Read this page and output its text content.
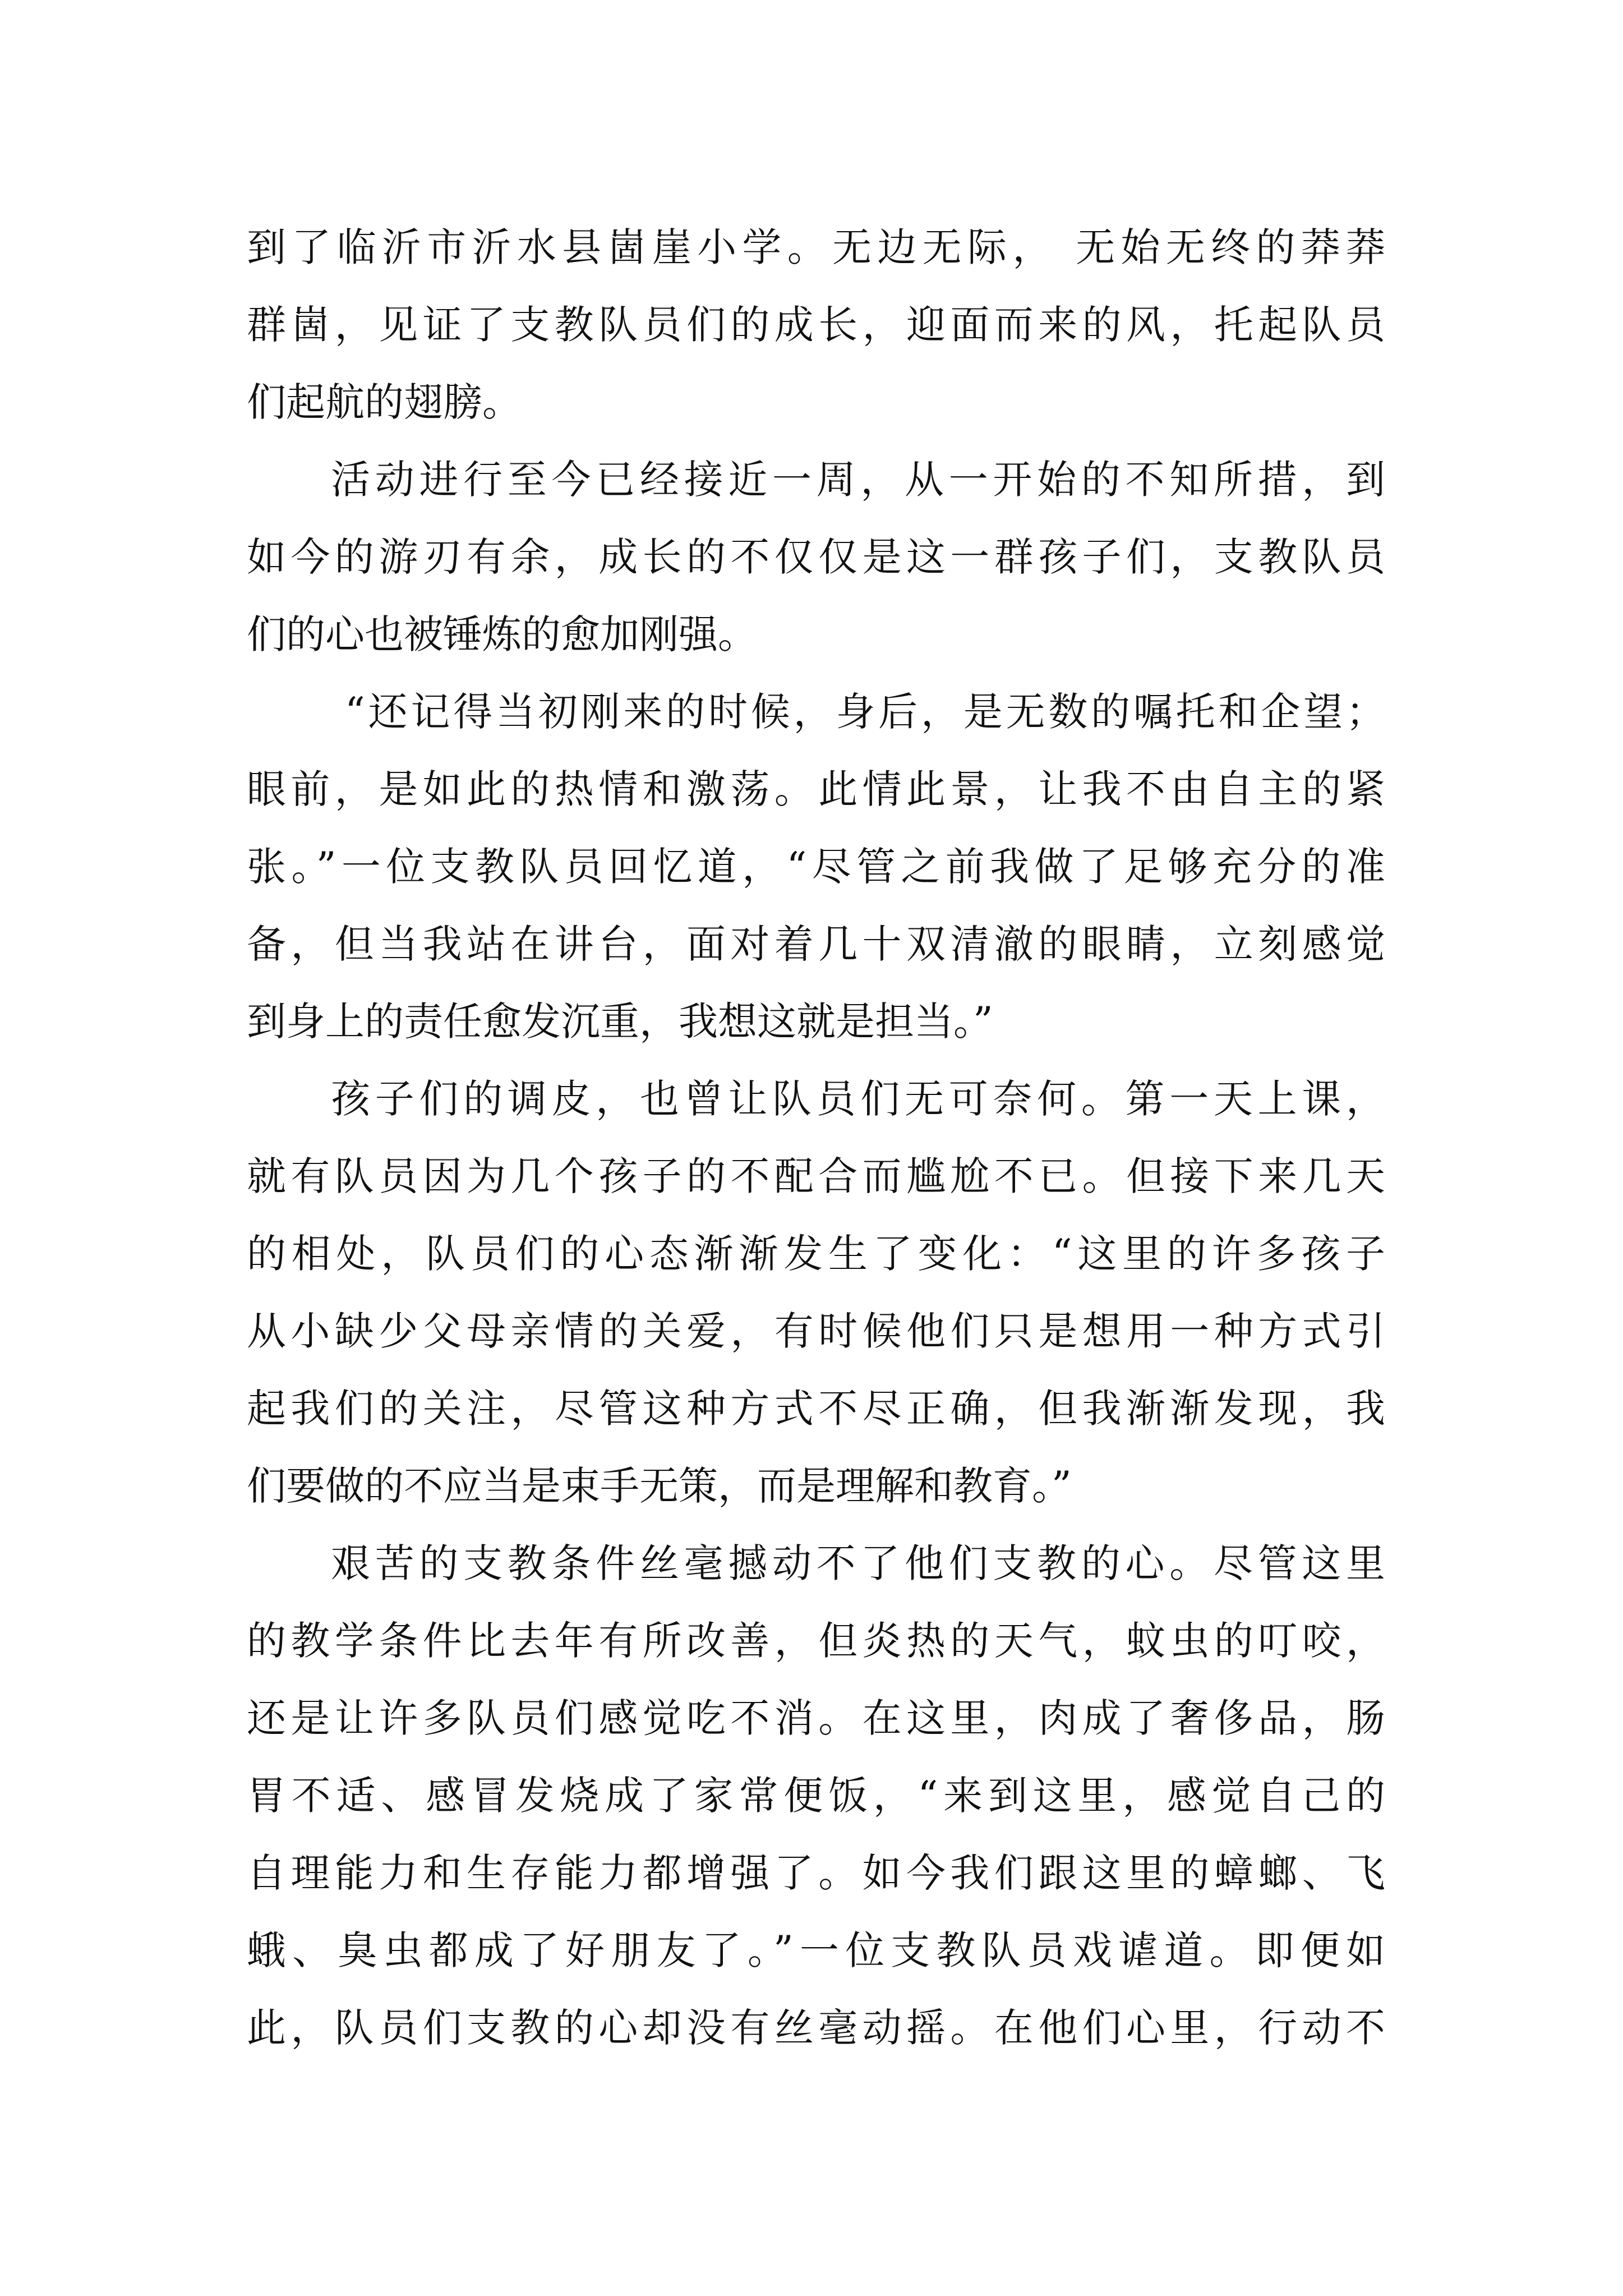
到了临沂市沂水县崮崖小学。无边无际， 无始无终的莽莽
群崮，见证了支教队员们的成长，迎面而来的风，托起队员
们起航的翅膀。
活动进行至今已经接近一周，从一开始的不知所措，到
如今的游刃有余，成长的不仅仅是这一群孩子们，支教队员
们的心也被锤炼的愈加刚强。
“还记得当初刚来的时候，身后，是无数的嘱托和企望；
眼前，是如此的热情和激荡。此情此景，让我不由自主的紧
张。”一位支教队员回忆道，“尽管之前我做了足够充分的准
备，但当我站在讲台，面对着几十双清澈的眼睛，立刻感觉
到身上的责任愈发沉重，我想这就是担当。”
孩子们的调皮，也曾让队员们无可奈何。第一天上课，
就有队员因为几个孩子的不配合而尴尬不已。但接下来几天
的相处，队员们的心态渐渐发生了变化：“这里的许多孩子
从小缺少父母亲情的关爱，有时候他们只是想用一种方式引
起我们的关注，尽管这种方式不尽正确，但我渐渐发现，我
们要做的不应当是束手无策，而是理解和教育。”
艰苦的支教条件丝毫撼动不了他们支教的心。尽管这里
的教学条件比去年有所改善，但炎热的天气，蚊虫的叮咬，
还是让许多队员们感觉吃不消。在这里，肉成了奢侈品，肠
胃不适、感冒发烧成了家常便饭，“来到这里，感觉自己的
自理能力和生存能力都增强了。如今我们跟这里的蟑螂、飞
蛾、臭虫都成了好朋友了。”一位支教队员戏谑道。即便如
此，队员们支教的心却没有丝毫动摇。在他们心里，行动不
